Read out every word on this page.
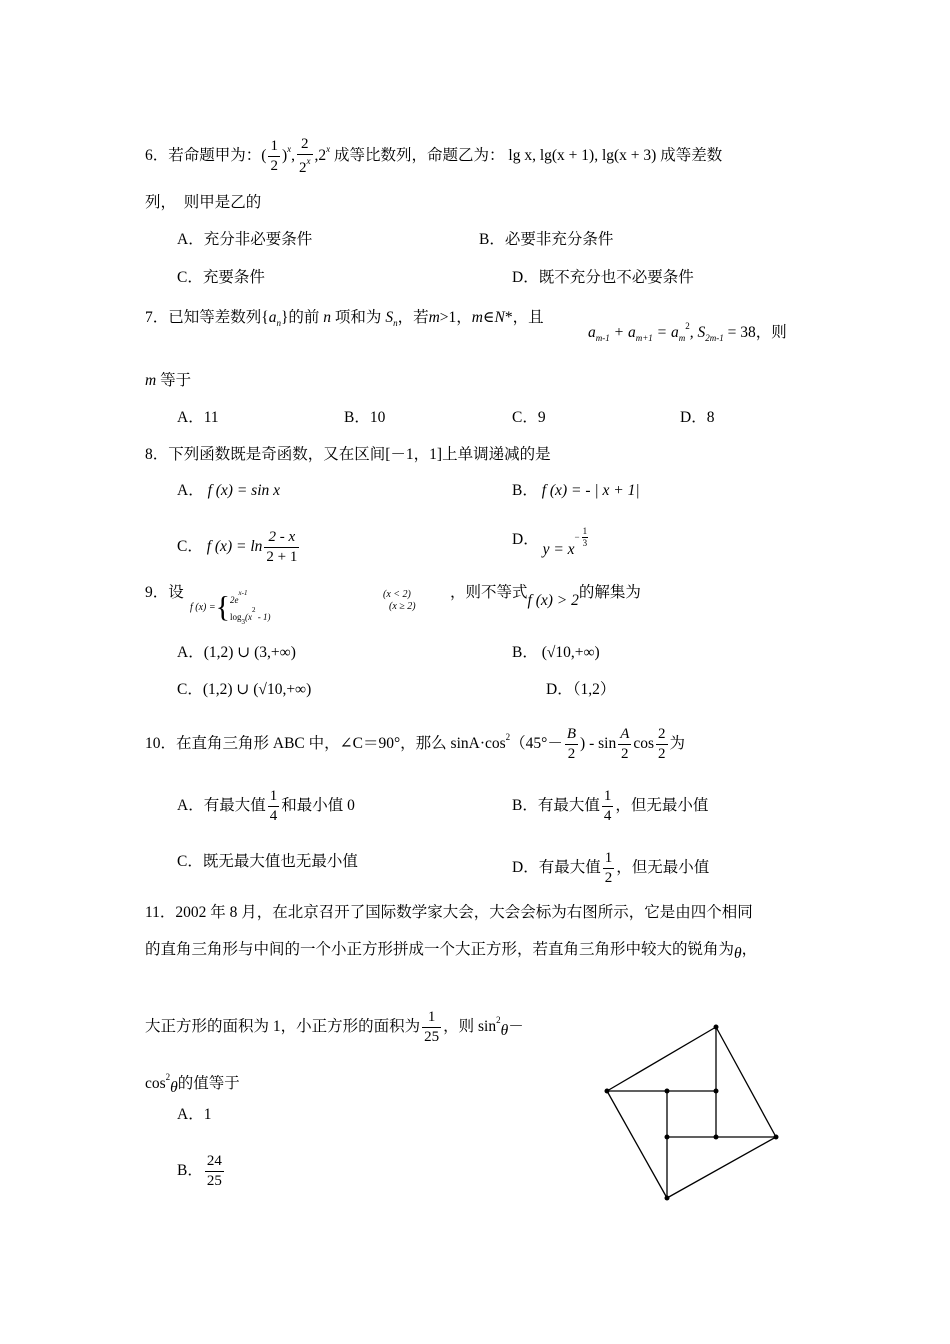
6．若命题甲为：( $\frac{1}{2} )^x$, $\frac{2}{2^x} ,2^x$ 成等比数列，命题乙为： lg x, lg(x + 1), lg(x + 3) 成等差数
列，　则甲是乙的
A．充分非必要条件	B．必要非充分条件
C．充要条件	D．既不充分也不必要条件
7．已知等差数列$\{a_n\}$的前 n 项和为 $S_n$，若m>1，m∈N*，且
$a_{m-1} + a_{m+1} = a_m^2$, $S_{2m-1} = 38$，则
m 等于
A．11	B．10	C．9	D．8
8．下列函数既是奇函数，又在区间[－1，1]上单调递减的是
A． f (x) = sin x	B． f (x) = - | x + 1|
C． f $(x) = \ln \frac{2 - x}{2 + 1}$	D． $y = x- \frac{1}{3}$
9．设
f $(x) =\{2e^{x-1}$
$\log_3(x^2 - 1)$
(x < 2)
(x ≥ 2)
，则不等式f (x) > 2的解集为
A．(1,2) ∪ (3,+∞)	B． (√10,+∞)
C．(1,2) ∪ (√10,+∞)	D．（1,2）
10．在直角三角形 ABC 中，∠C＝90°，那么 $\sin A\cdot\cos^2(45^\circ- \frac{B}{2}$ ) - $\sin \frac{A}{2}$ $\cos \frac{2}{2}$ 为
A．有最大值 $\frac{1}{4}$ 和最小值 0	B．有最大值 $\frac{1}{4}$ ，但无最小值
C．既无最大值也无最小值	D．有最大值 $\frac{1}{2}$ ，但无最小值
11．2002 年 8 月，在北京召开了国际数学家大会，大会会标为右图所示，它是由四个相同
的直角三角形与中间的一个小正方形拼成一个大正方形，若直角三角形中较大的锐角为θ，
大正方形的面积为 1，小正方形的面积为 $\frac{1}{25}$ ，则 $\sin^2\theta-$
$\cos^2\theta$的值等于
A．1
B． $\frac{24}{25}$
